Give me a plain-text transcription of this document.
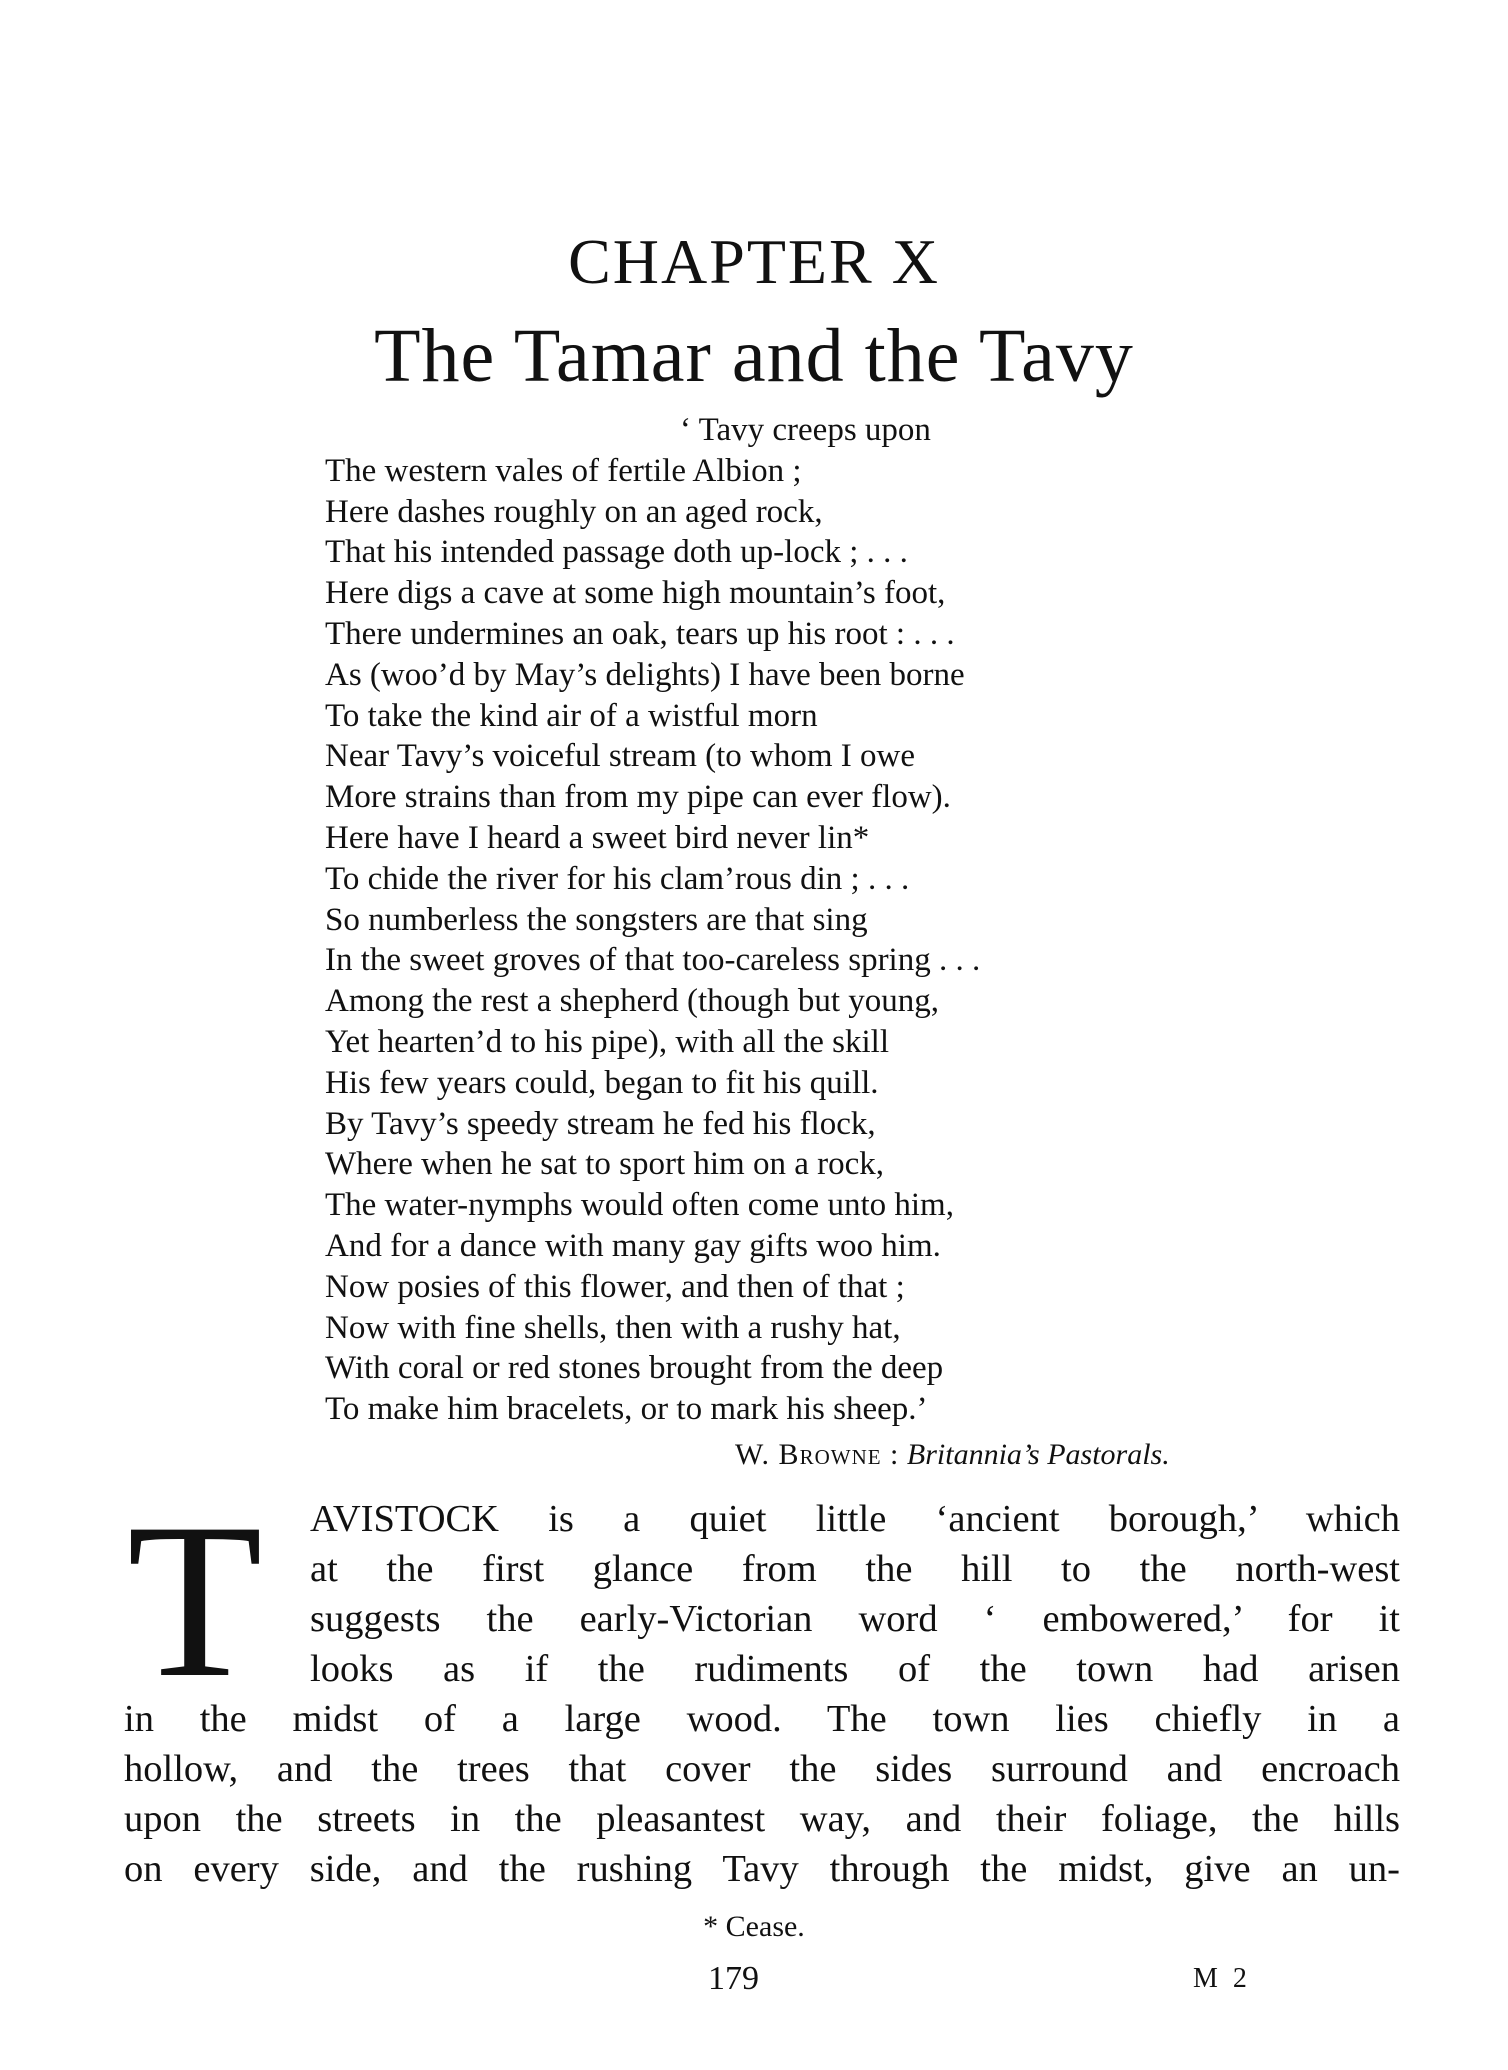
CHAPTER X
The Tamar and the Tavy
‘ Tavy creeps upon
The western vales of fertile Albion ;
Here dashes roughly on an aged rock,
That his intended passage doth up-lock ; . . .
Here digs a cave at some high mountain’s foot,
There undermines an oak, tears up his root : . . .
As (woo’d by May’s delights) I have been borne
To take the kind air of a wistful morn
Near Tavy’s voiceful stream (to whom I owe
More strains than from my pipe can ever flow).
Here have I heard a sweet bird never lin*
To chide the river for his clam’rous din ; . . .
So numberless the songsters are that sing
In the sweet groves of that too-careless spring . . .
Among the rest a shepherd (though but young,
Yet hearten’d to his pipe), with all the skill
His few years could, began to fit his quill.
By Tavy’s speedy stream he fed his flock,
Where when he sat to sport him on a rock,
The water-nymphs would often come unto him,
And for a dance with many gay gifts woo him.
Now posies of this flower, and then of that ;
Now with fine shells, then with a rushy hat,
With coral or red stones brought from the deep
To make him bracelets, or to mark his sheep.’
W. Browne : Britannia’s Pastorals.
T AVISTOCK is a quiet little ‘ancient borough,’ which
at the first glance from the hill to the north-west
suggests the early-Victorian word ‘ embowered,’ for it
looks as if the rudiments of the town had arisen
in the midst of a large wood. The town lies chiefly in a
hollow, and the trees that cover the sides surround and encroach
upon the streets in the pleasantest way, and their foliage, the hills
on every side, and the rushing Tavy through the midst, give an un-
* Cease.
179	M 2
